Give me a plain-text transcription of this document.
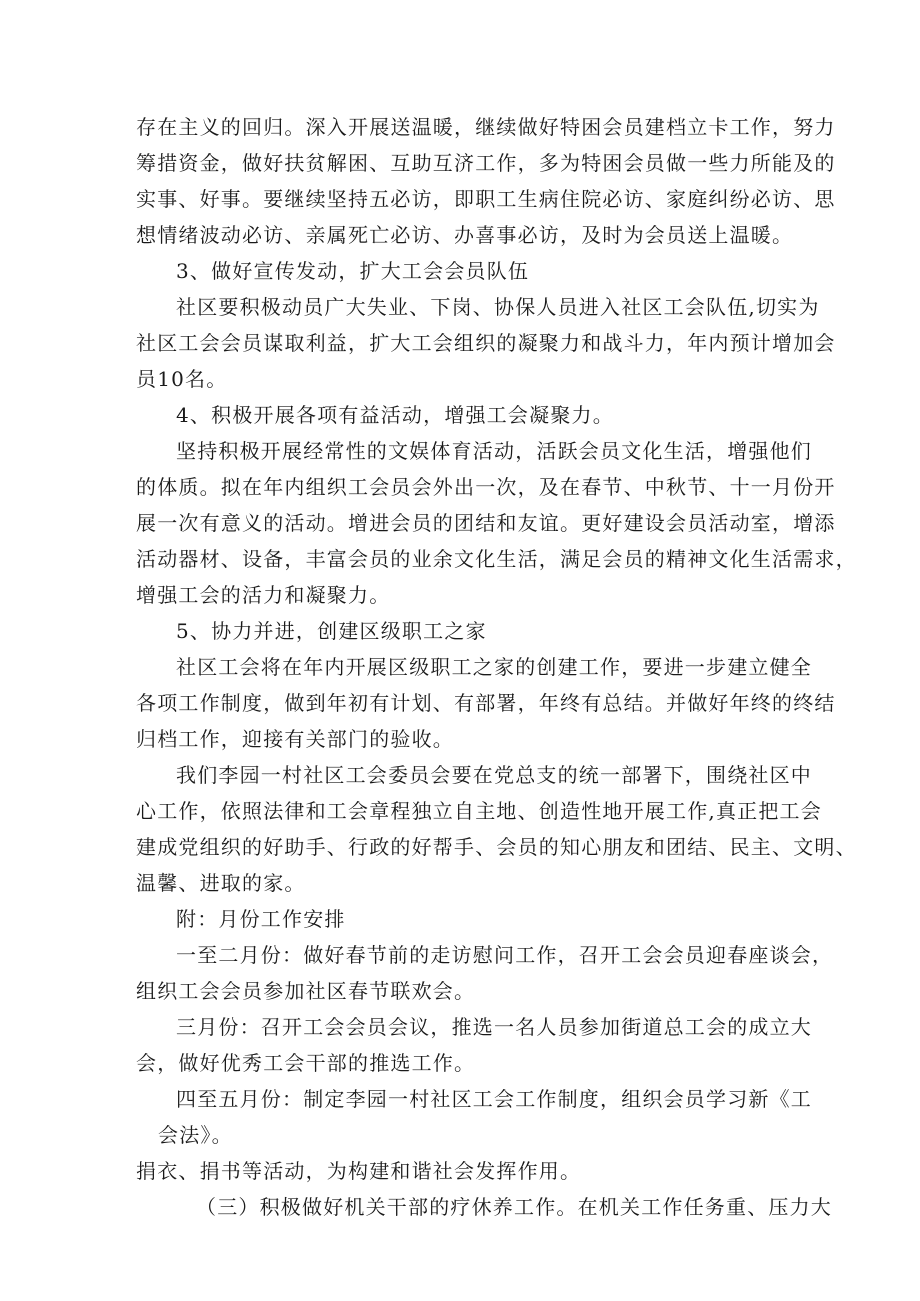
存在主义的回归。深入开展送温暖，继续做好特困会员建档立卡工作，努力
筹措资金，做好扶贫解困、互助互济工作，多为特困会员做一些力所能及的
实事、好事。要继续坚持五必访，即职工生病住院必访、家庭纠纷必访、思
想情绪波动必访、亲属死亡必访、办喜事必访，及时为会员送上温暖。
3、做好宣传发动，扩大工会会员队伍
社区要积极动员广大失业、下岗、协保人员进入社区工会队伍,切实为
社区工会会员谋取利益，扩大工会组织的凝聚力和战斗力，年内预计增加会
员10名。
4、积极开展各项有益活动，增强工会凝聚力。
坚持积极开展经常性的文娱体育活动，活跃会员文化生活，增强他们
的体质。拟在年内组织工会员会外出一次，及在春节、中秋节、十一月份开
展一次有意义的活动。增进会员的团结和友谊。更好建设会员活动室，增添
活动器材、设备，丰富会员的业余文化生活，满足会员的精神文化生活需求，
增强工会的活力和凝聚力。
5、协力并进，创建区级职工之家
社区工会将在年内开展区级职工之家的创建工作，要进一步建立健全
各项工作制度，做到年初有计划、有部署，年终有总结。并做好年终的终结
归档工作，迎接有关部门的验收。
我们李园一村社区工会委员会要在党总支的统一部署下，围绕社区中
心工作，依照法律和工会章程独立自主地、创造性地开展工作,真正把工会
建成党组织的好助手、行政的好帮手、会员的知心朋友和团结、民主、文明、
温馨、进取的家。
附：月份工作安排
一至二月份：做好春节前的走访慰问工作，召开工会会员迎春座谈会，
组织工会会员参加社区春节联欢会。
三月份：召开工会会员会议，推选一名人员参加街道总工会的成立大
会，做好优秀工会干部的推选工作。
四至五月份：制定李园一村社区工会工作制度，组织会员学习新《工
会法》。
捐衣、捐书等活动，为构建和谐社会发挥作用。
（三）积极做好机关干部的疗休养工作。在机关工作任务重、压力大
